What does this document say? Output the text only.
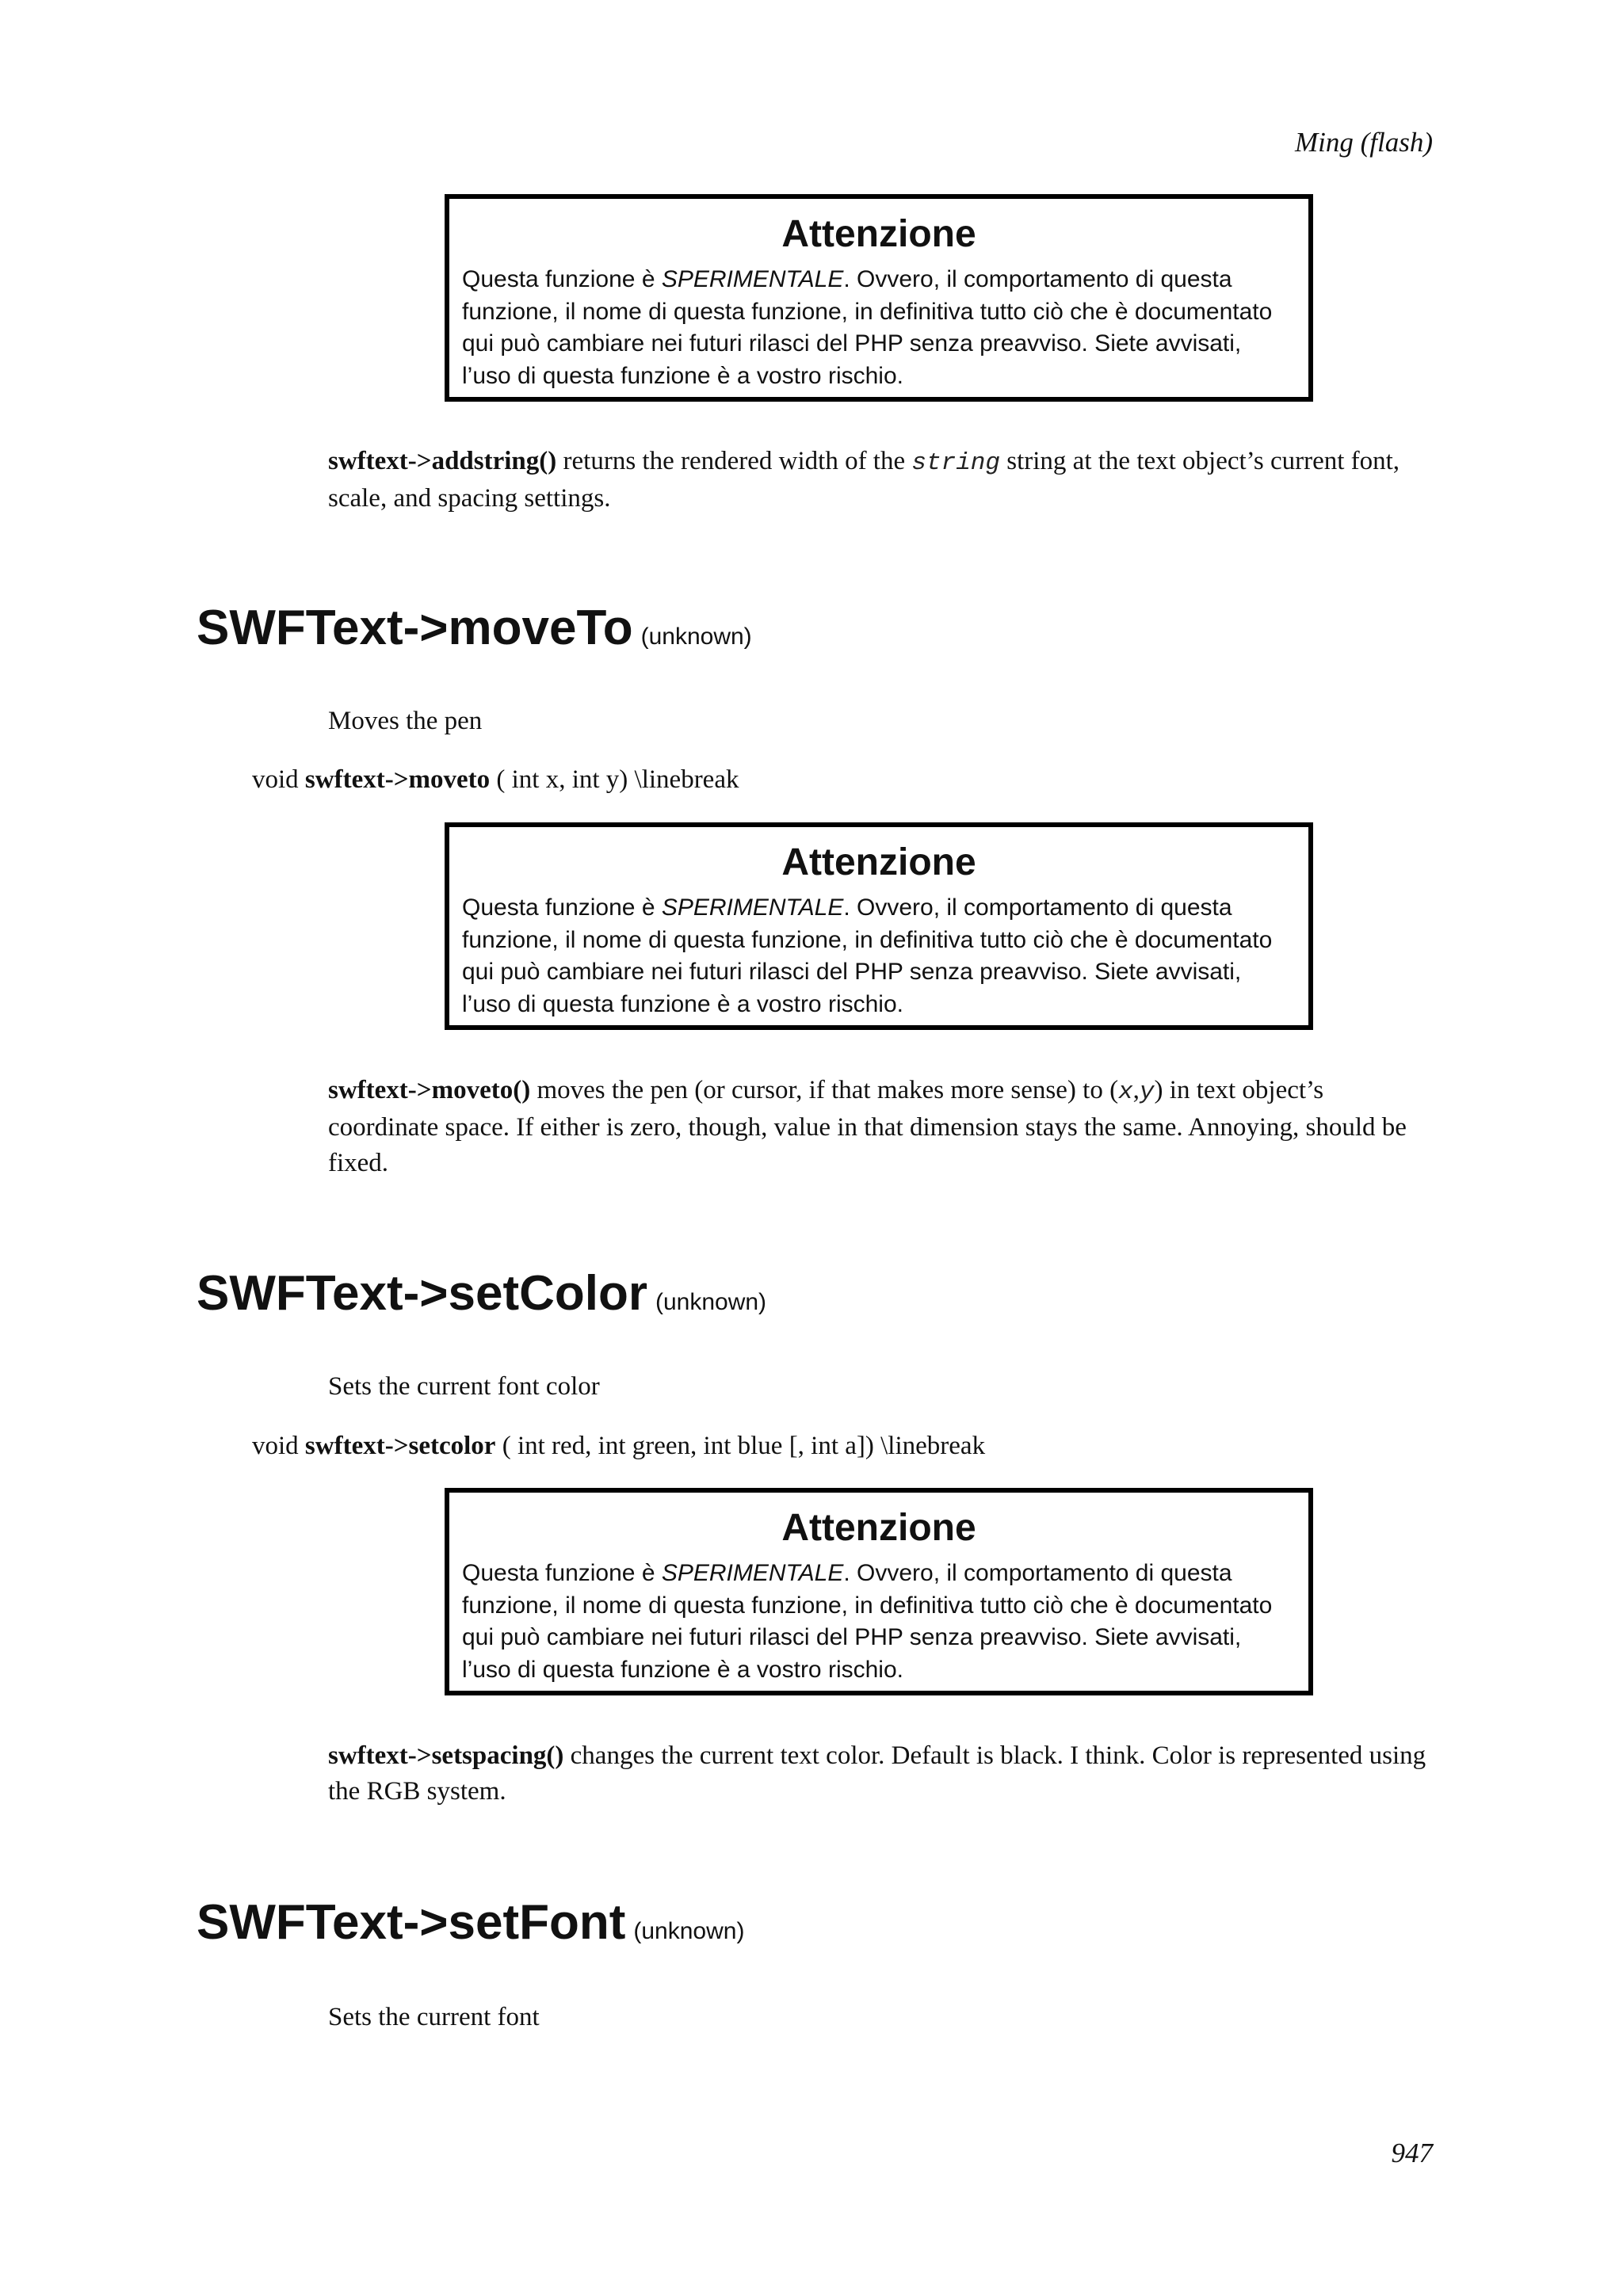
Ming (flash)
Attenzione
Questa funzione è SPERIMENTALE. Ovvero, il comportamento di questa funzione, il nome di questa funzione, in definitiva tutto ciò che è documentato qui può cambiare nei futuri rilasci del PHP senza preavviso. Siete avvisati, l’uso di questa funzione è a vostro rischio.
swftext->addstring() returns the rendered width of the string string at the text object’s current font, scale, and spacing settings.
SWFText->moveTo (unknown)
Moves the pen
void swftext->moveto ( int x, int y) \linebreak
Attenzione
Questa funzione è SPERIMENTALE. Ovvero, il comportamento di questa funzione, il nome di questa funzione, in definitiva tutto ciò che è documentato qui può cambiare nei futuri rilasci del PHP senza preavviso. Siete avvisati, l’uso di questa funzione è a vostro rischio.
swftext->moveto() moves the pen (or cursor, if that makes more sense) to (x,y) in text object’s coordinate space. If either is zero, though, value in that dimension stays the same. Annoying, should be fixed.
SWFText->setColor (unknown)
Sets the current font color
void swftext->setcolor ( int red, int green, int blue [, int a]) \linebreak
Attenzione
Questa funzione è SPERIMENTALE. Ovvero, il comportamento di questa funzione, il nome di questa funzione, in definitiva tutto ciò che è documentato qui può cambiare nei futuri rilasci del PHP senza preavviso. Siete avvisati, l’uso di questa funzione è a vostro rischio.
swftext->setspacing() changes the current text color. Default is black. I think. Color is represented using the RGB system.
SWFText->setFont (unknown)
Sets the current font
947
